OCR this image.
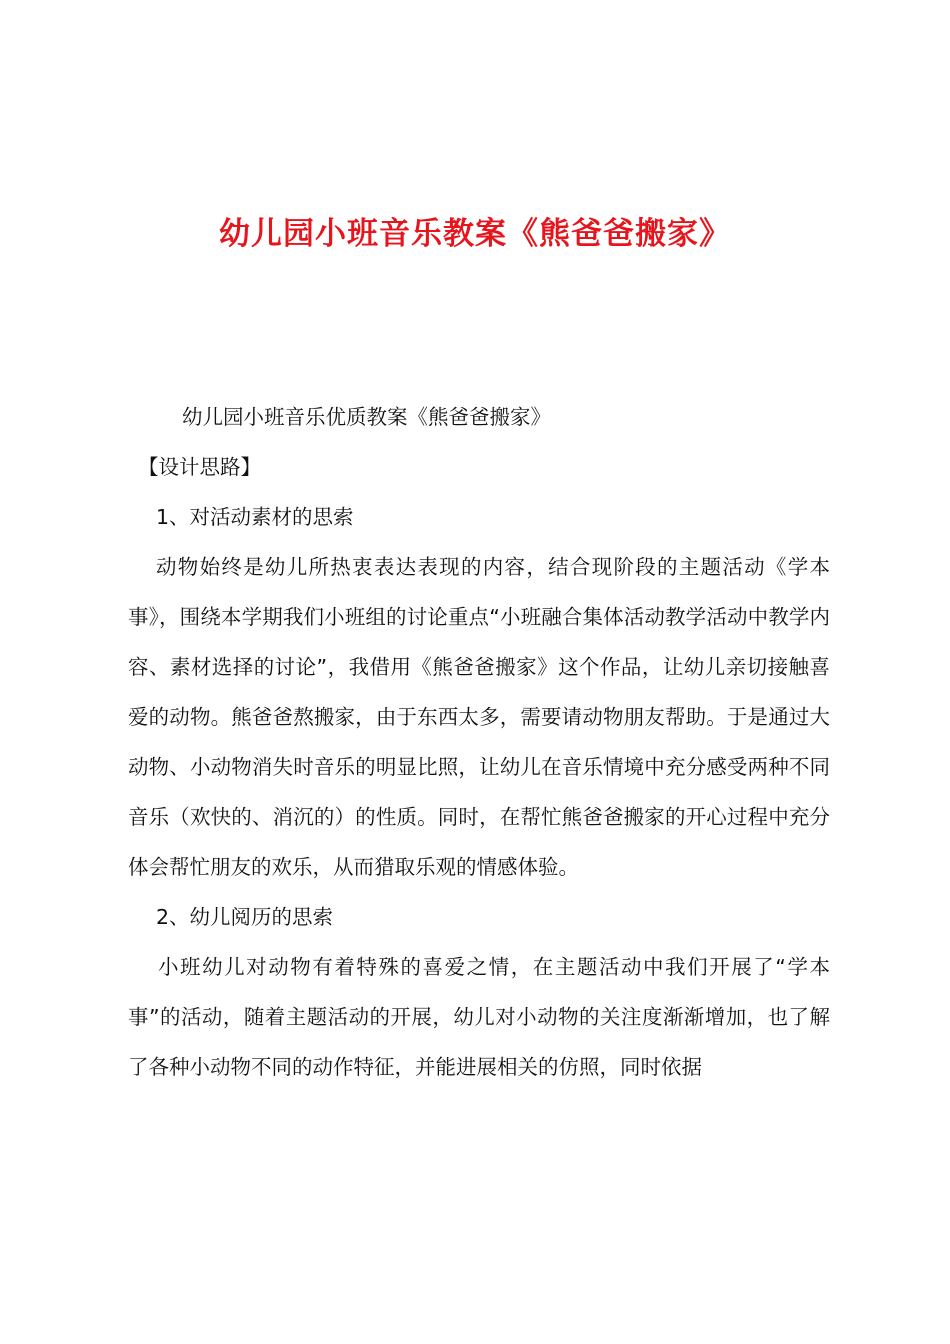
幼儿园小班音乐教案《熊爸爸搬家》

幼儿园小班音乐优质教案《熊爸爸搬家》

【设计思路】

1、对活动素材的思索

动物始终是幼儿所热衷表达表现的内容，结合现阶段的主题活动《学本事》，围绕本学期我们小班组的讨论重点“小班融合集体活动教学活动中教学内容、素材选择的讨论”，我借用《熊爸爸搬家》这个作品，让幼儿亲切接触喜爱的动物。熊爸爸熬搬家，由于东西太多，需要请动物朋友帮助。于是通过大动物、小动物消失时音乐的明显比照，让幼儿在音乐情境中充分感受两种不同音乐（欢快的、消沉的）的性质。同时，在帮忙熊爸爸搬家的开心过程中充分体会帮忙朋友的欢乐，从而猎取乐观的情感体验。

2、幼儿阅历的思索

小班幼儿对动物有着特殊的喜爱之情，在主题活动中我们开展了“学本事”的活动，随着主题活动的开展，幼儿对小动物的关注度渐渐增加，也了解了各种小动物不同的动作特征，并能进展相关的仿照，同时依据
